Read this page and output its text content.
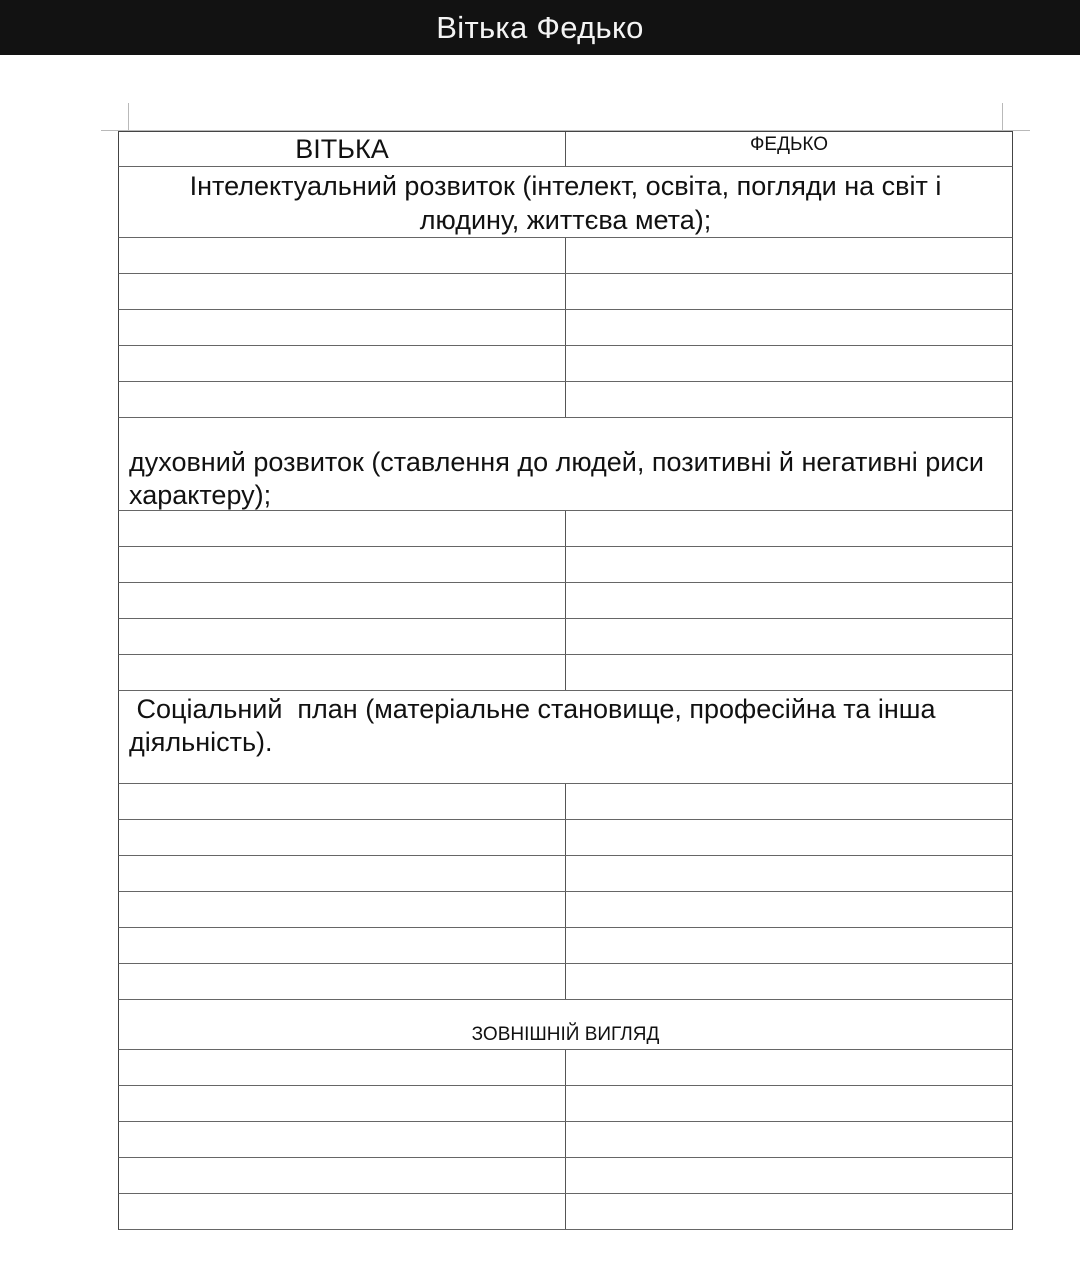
Вітька Федько
ВІТЬКА	ФЕДЬКО
Інтелектуальний розвиток (інтелект, освіта, погляди на світ і людину, життєва мета);
духовний розвиток (ставлення до людей, позитивні й негативні риси характеру);
Соціальний  план (матеріальне становище, професійна та інша діяльність).
ЗОВНІШНІЙ ВИГЛЯД
